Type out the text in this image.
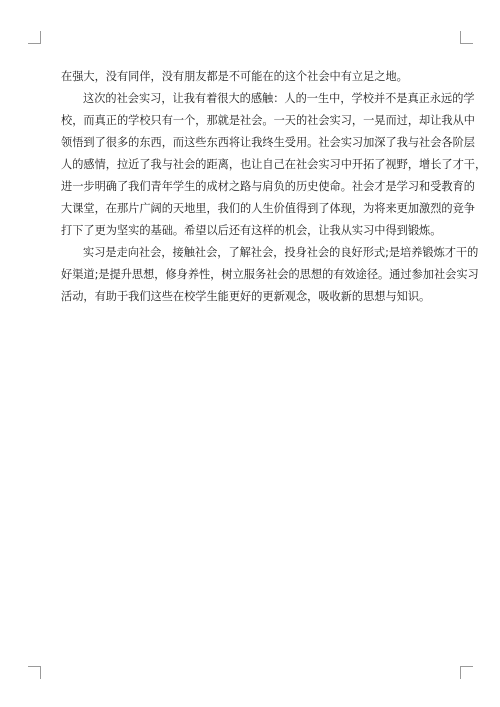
在强大，没有同伴，没有朋友都是不可能在的这个社会中有立足之地。

这次的社会实习，让我有着很大的感触：人的一生中，学校并不是真正永远的学
校，而真正的学校只有一个，那就是社会。一天的社会实习，一晃而过，却让我从中
领悟到了很多的东西，而这些东西将让我终生受用。社会实习加深了我与社会各阶层
人的感情，拉近了我与社会的距离，也让自己在社会实习中开拓了视野，增长了才干，
进一步明确了我们青年学生的成材之路与肩负的历史使命。社会才是学习和受教育的
大课堂，在那片广阔的天地里，我们的人生价值得到了体现，为将来更加激烈的竞争
打下了更为坚实的基础。希望以后还有这样的机会，让我从实习中得到锻炼。

实习是走向社会，接触社会，了解社会，投身社会的良好形式;是培养锻炼才干的
好渠道;是提升思想，修身养性，树立服务社会的思想的有效途径。通过参加社会实习
活动，有助于我们这些在校学生能更好的更新观念，吸收新的思想与知识。
